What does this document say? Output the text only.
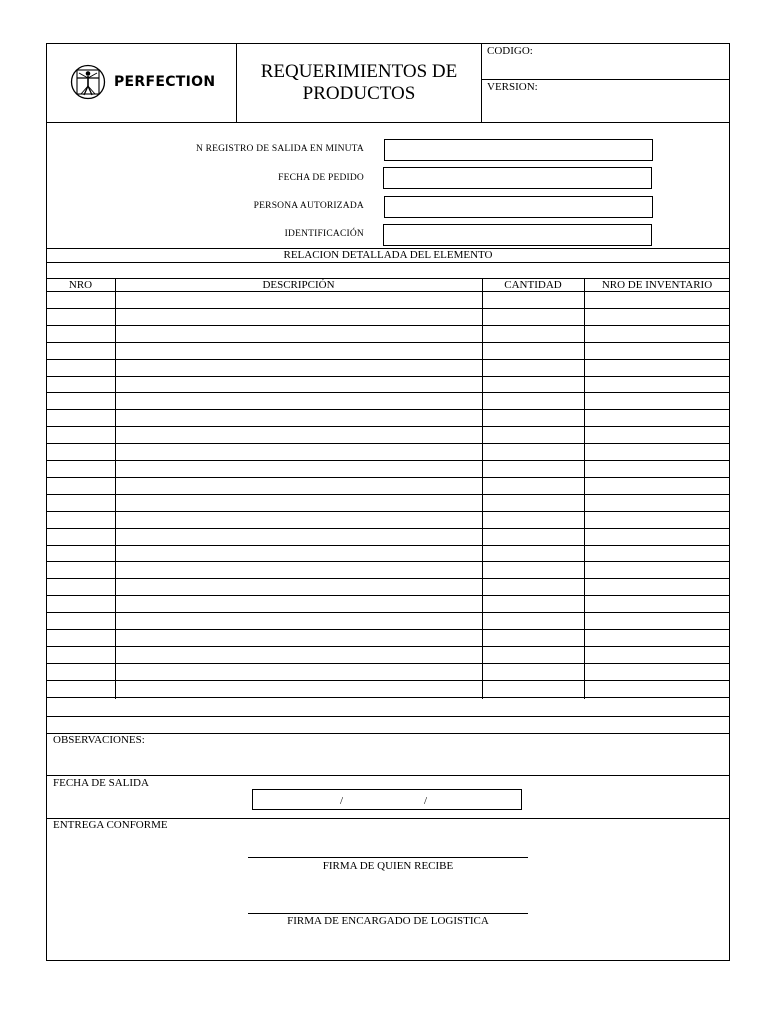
PERFECTION	REQUERIMIENTOS DE
PRODUCTOS
CODIGO:
VERSION:
N REGISTRO DE SALIDA EN MINUTA
FECHA DE PEDIDO
PERSONA AUTORIZADA
IDENTIFICACIÓN
RELACION DETALLADA DEL ELEMENTO
NRO	DESCRIPCIÓN	CANTIDAD	NRO DE INVENTARIO
OBSERVACIONES:
FECHA DE SALIDA
/	/
ENTREGA CONFORME
FIRMA DE QUIEN RECIBE
FIRMA DE ENCARGADO DE LOGISTICA
